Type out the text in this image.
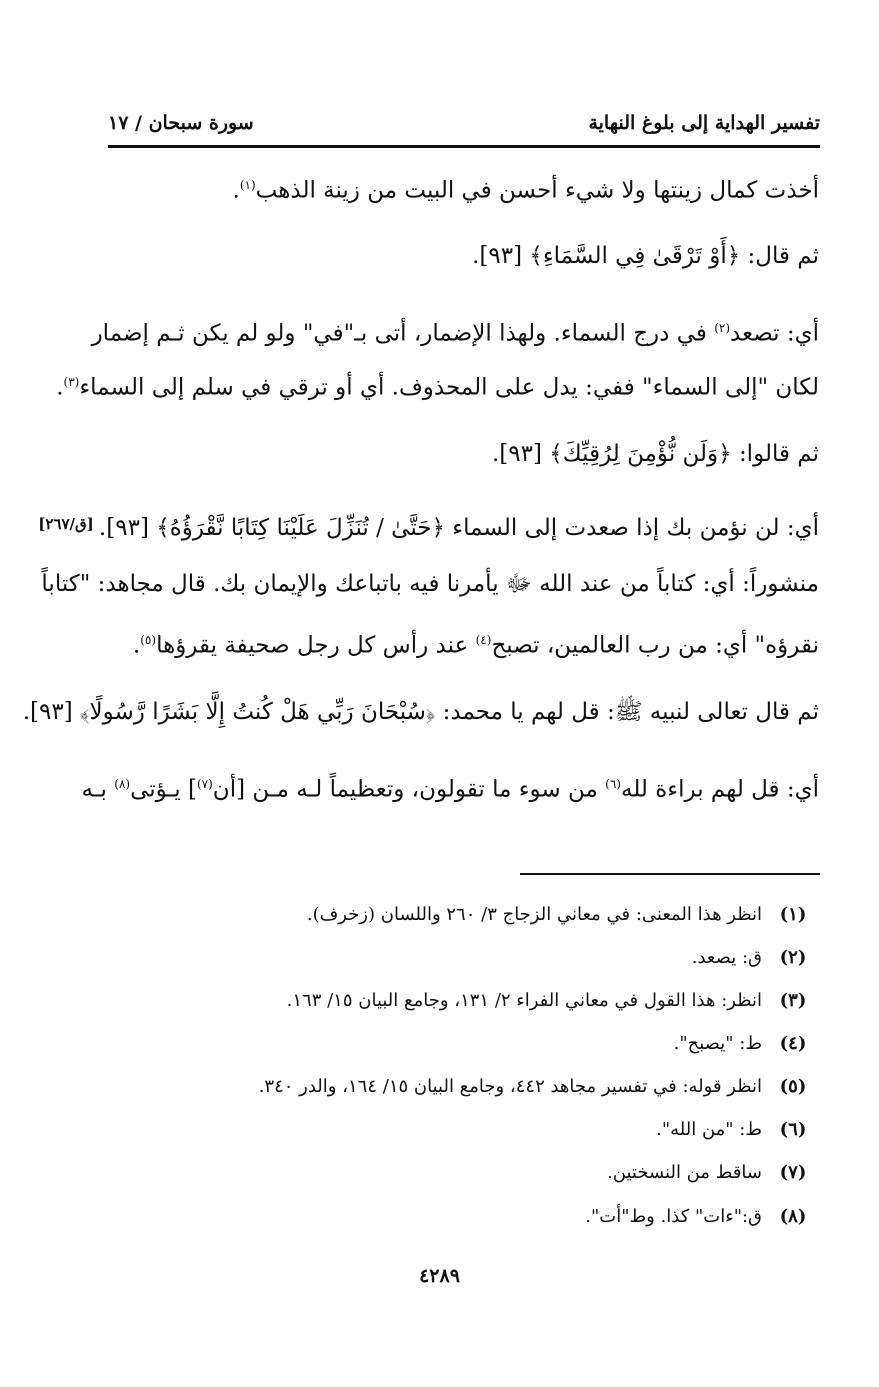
تفسير الهداية إلى بلوغ النهاية
سورة سبحان / ١٧
أخذت كمال زينتها ولا شيء أحسن في البيت من زينة الذهب$^{(١)}$.
ثم قال: ﴿أَوْ تَرْقَىٰ فِي السَّمَاءِ﴾ [٩٣].
أي: تصعد$^{(٢)}$ في درج السماء. ولهذا الإضمار، أتى بـ"في" ولو لم يكن ثـم إضمار
لكان "إلى السماء" ففي: يدل على المحذوف. أي أو ترقي في سلم إلى السماء$^{(٣)}$.
ثم قالوا: ﴿وَلَن نُّؤْمِنَ لِرُقِيِّكَ﴾ [٩٣].
أي: لن نؤمن بك إذا صعدت إلى السماء ﴿حَتَّىٰ / تُنَزِّلَ عَلَيْنَا كِتَابًا نَّقْرَؤُهُ﴾ [٩٣].
[ق/٢٦٧]
منشوراً: أي: كتاباً من عند الله ﷻ يأمرنا فيه باتباعك والإيمان بك. قال مجاهد: "كتاباً
نقرؤه" أي: من رب العالمين، تصبح$^{(٤)}$ عند رأس كل رجل صحيفة يقرؤها$^{(٥)}$.
ثم قال تعالى لنبيه ﷺ: قل لهم يا محمد: ﴿سُبْحَانَ رَبِّي هَلْ كُنتُ إِلَّا بَشَرًا رَّسُولًا﴾ [٩٣].
أي: قل لهم براءة لله$^{(٦)}$ من سوء ما تقولون، وتعظيماً لـه مـن [أن$^{(٧)}$] يـؤتى$^{(٨)}$ بـه
(١)
انظر هذا المعنى: في معاني الزجاج ٣/ ٢٦٠ واللسان (زخرف).
(٢)
ق: يصعد.
(٣)
انظر: هذا القول في معاني الفراء ٢/ ١٣١، وجامع البيان ١٥/ ١٦٣.
(٤)
ط: "يصبح".
(٥)
انظر قوله: في تفسير مجاهد ٤٤٢، وجامع البيان ١٥/ ١٦٤، والدر ٣٤٠.
(٦)
ط: "من الله".
(٧)
ساقط من النسختين.
(٨)
ق:"ءات" كذا. وط"أت".
٤٢٨٩
